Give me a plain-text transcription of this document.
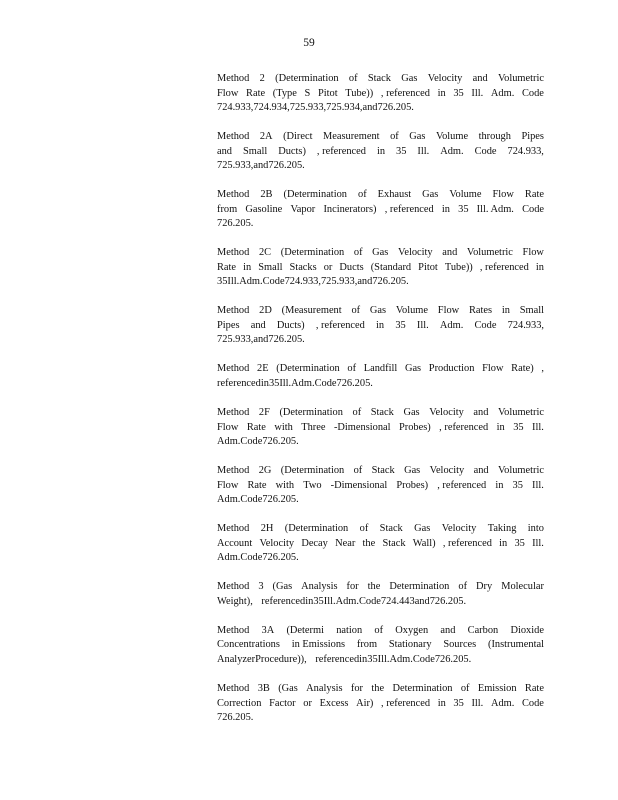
59
Method 2 (Determination of Stack Gas Velocity and Volumetric
Flow Rate (Type S Pitot Tube)) , referenced in 35 Ill. Adm. Code
724.933, 724.934, 725.933, 725.934, and 726.205 .
Method 2A (Direct Measurement of Gas Volume through Pipes
and Small Ducts) , referenced in 35 Ill. Adm. Code 724.933,
725.933, and 726.205.
Method 2B (Determination of Exhaust Gas Volume Flow Rate
from Gasoline Vapor Incinerators) , referenced in 35 Ill. Adm. Code
726.205.
Method 2C (Determination of Gas Velocity and Volumetric Flow
Rate in Small Stacks or Ducts (Standard Pitot Tube)) , referenced in
35 Ill. Adm. Code 724.933, 725.933, and 726.205.
Method 2D (Measurement of Gas Volume Flow Rates in Small
Pipes and Ducts) , referenced in 35 Ill. Adm. Code 724.933,
725.933, and 726.205.
Method 2E (Determination of Landfill Gas Production Flow Rate) ,
referenced in 35 Ill. Adm. Code 726.205.
Method 2F (Determination of Stack Gas Velocity and Volumetric
Flow Rate with Three -Dimensional Probes) , referenced in 35 Ill.
Adm. Code 726.205.
Method 2G (Determination of Stack Gas Velocity and Volumetric
Flow Rate with Two -Dimensional Probes) , referenced in 35 Ill.
Adm. Code 726.205.
Method 2H (Determination of Stack Gas Velocity Taking into
Account Velocity Decay Near the Stack Wall) , referenced in 35 Ill.
Adm. Code 726.205.
Method 3 (Gas Analysis for the Determination of Dry Molecular
Weight) , referenced in 35 Ill. Adm. Code 724.443 and 726.205.
Method 3A (Determi nation of Oxygen and Carbon Dioxide
Concentrations in Emissions from Stationary Sources (Instrumental
Analyzer Procedure)) , referenced in 35 Ill. Adm. Code 726.205.
Method 3B (Gas Analysis for the Determination of Emission Rate
Correction Factor or Excess Air) , referenced in 35 Ill. Adm. Code
726.205.
